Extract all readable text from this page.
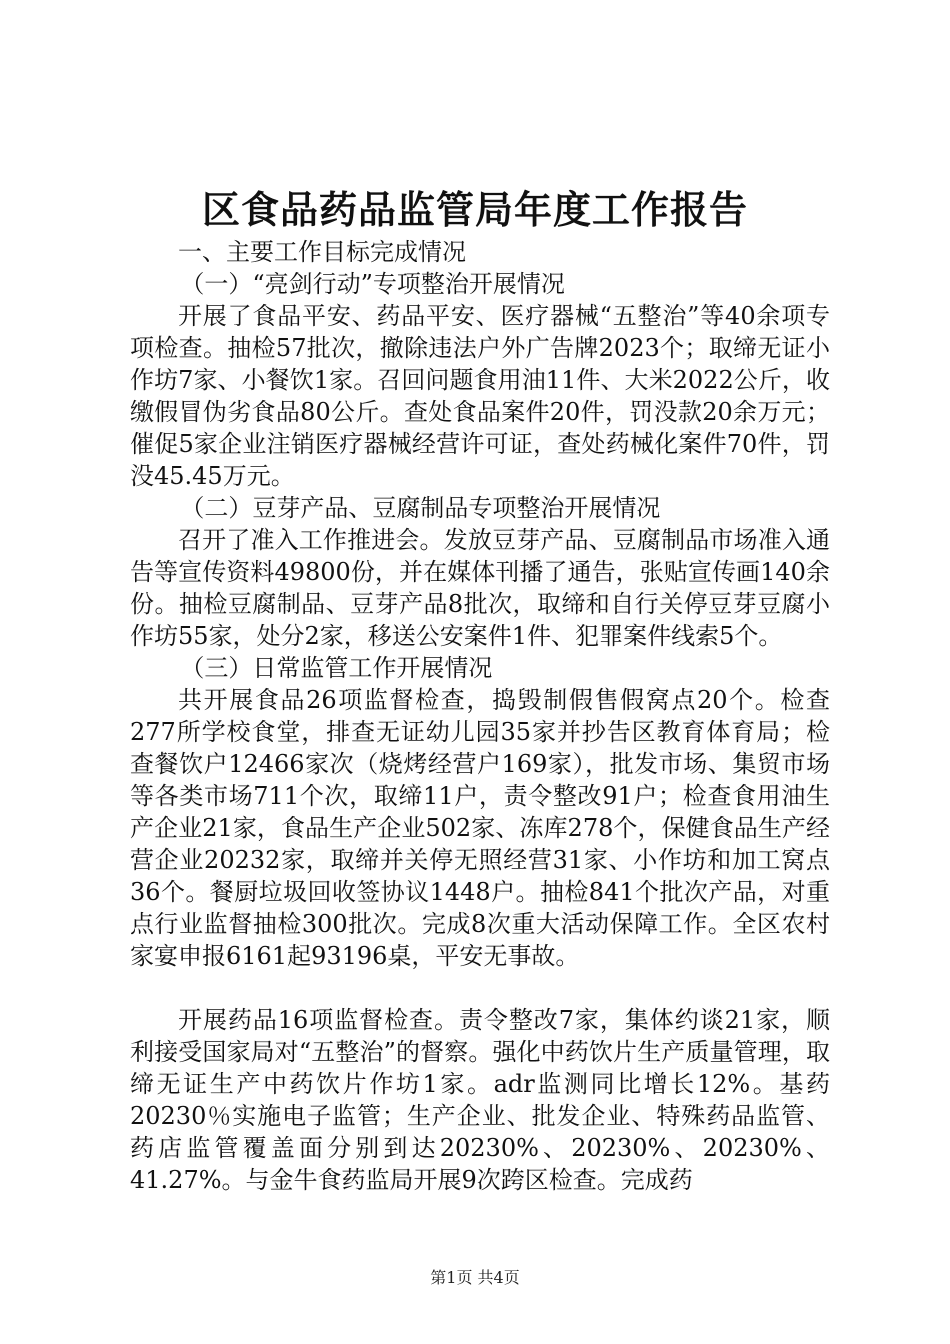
区食品药品监管局年度工作报告

一、主要工作目标完成情况

（一）“亮剑行动”专项整治开展情况

开展了食品平安、药品平安、医疗器械“五整治”等40余项专项检查。抽检57批次，撤除违法户外广告牌2023个；取缔无证小作坊7家、小餐饮1家。召回问题食用油11件、大米2022公斤，收缴假冒伪劣食品80公斤。查处食品案件20件，罚没款20余万元；催促5家企业注销医疗器械经营许可证，查处药械化案件70件，罚没45.45万元。

（二）豆芽产品、豆腐制品专项整治开展情况

召开了准入工作推进会。发放豆芽产品、豆腐制品市场准入通告等宣传资料49800份，并在媒体刊播了通告，张贴宣传画140余份。抽检豆腐制品、豆芽产品8批次，取缔和自行关停豆芽豆腐小作坊55家，处分2家，移送公安案件1件、犯罪案件线索5个。

（三）日常监管工作开展情况

共开展食品26项监督检查，捣毁制假售假窝点20个。检查277所学校食堂，排查无证幼儿园35家并抄告区教育体育局；检查餐饮户12466家次（烧烤经营户169家），批发市场、集贸市场等各类市场711个次，取缔11户，责令整改91户；检查食用油生产企业21家，食品生产企业502家、冻库278个，保健食品生产经营企业20232家，取缔并关停无照经营31家、小作坊和加工窝点36个。餐厨垃圾回收签协议1448户。抽检841个批次产品，对重点行业监督抽检300批次。完成8次重大活动保障工作。全区农村家宴申报6161起93196桌，平安无事故。

开展药品16项监督检查。责令整改7家，集体约谈21家，顺利接受国家局对“五整治”的督察。强化中药饮片生产质量管理，取缔无证生产中药饮片作坊1家。adr监测同比增长12%。基药20230％实施电子监管；生产企业、批发企业、特殊药品监管、药店监管覆盖面分别到达20230%、20230%、20230%、41.27%。与金牛食药监局开展9次跨区检查。完成药

第1页 共4页
